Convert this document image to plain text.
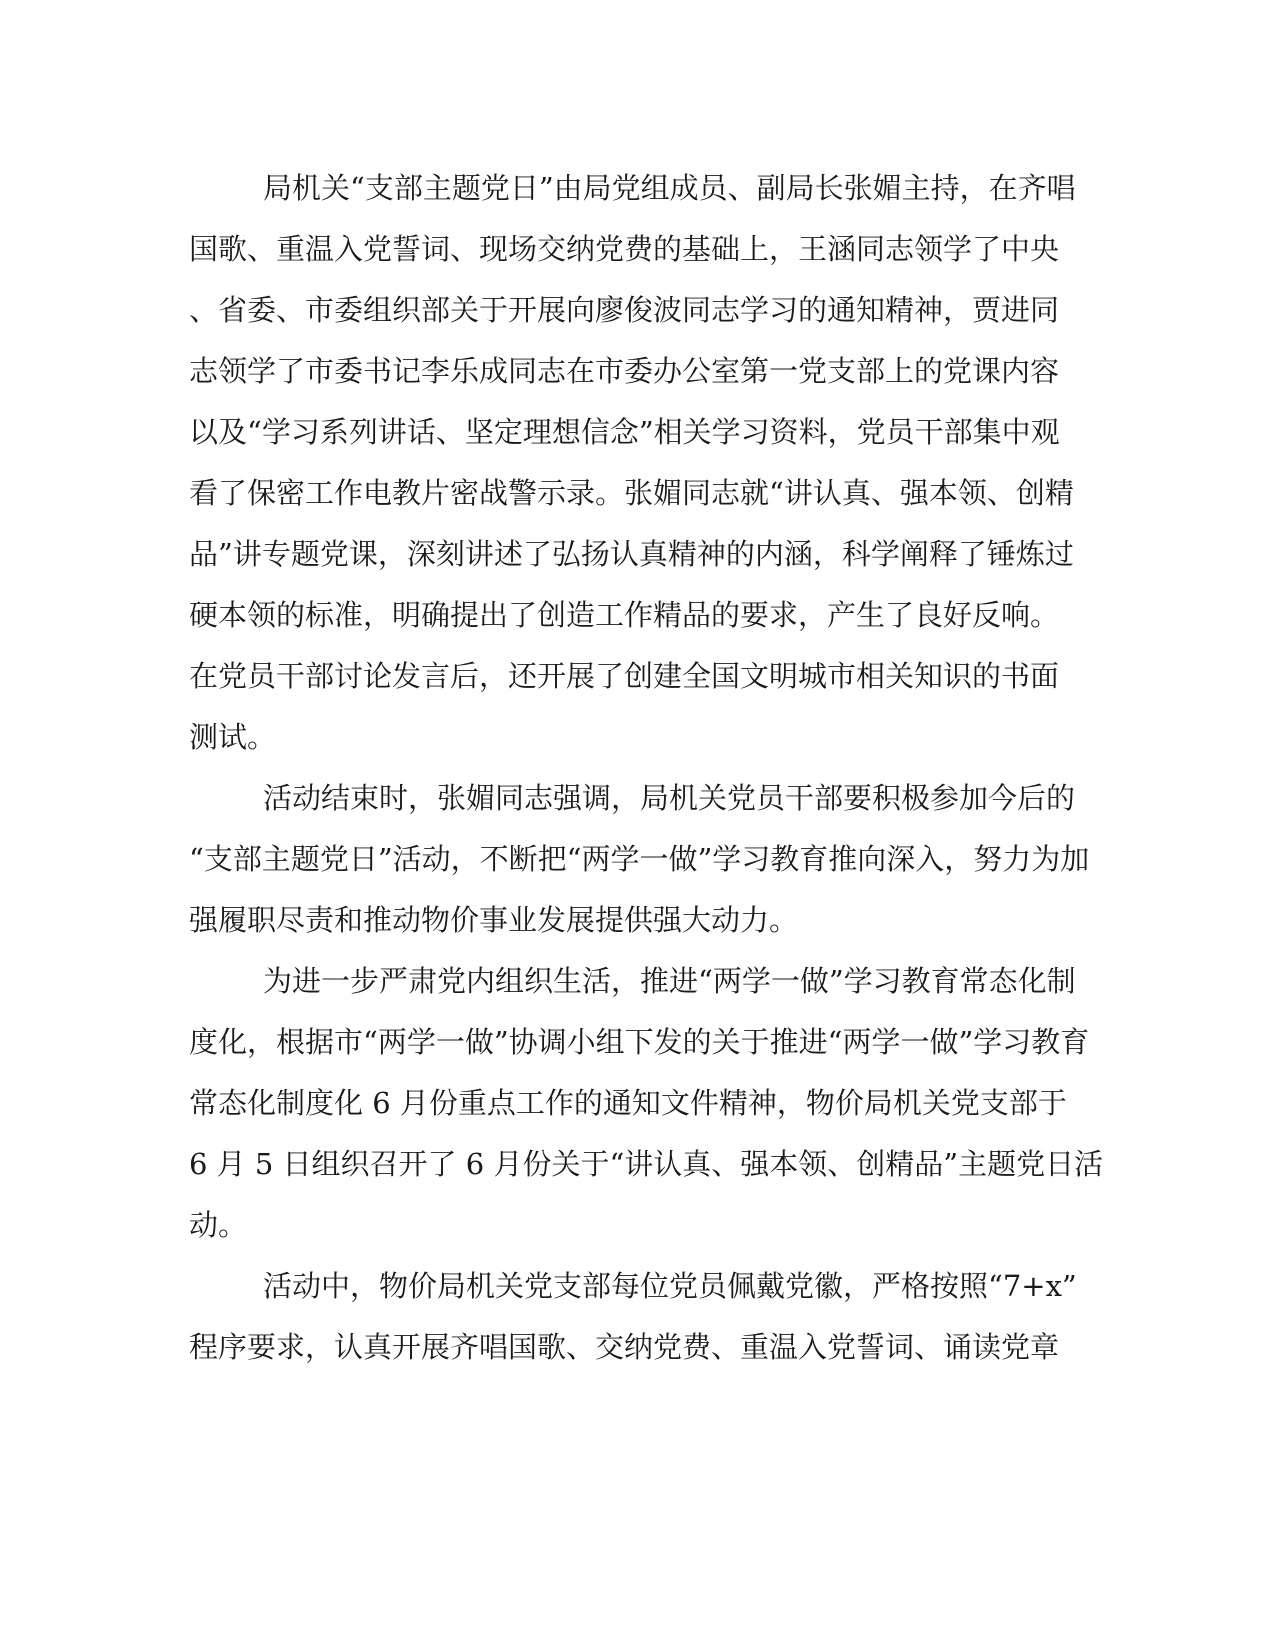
局机关“支部主题党日”由局党组成员、副局长张媚主持，在齐唱
国歌、重温入党誓词、现场交纳党费的基础上，王涵同志领学了中央
、省委、市委组织部关于开展向廖俊波同志学习的通知精神，贾进同
志领学了市委书记李乐成同志在市委办公室第一党支部上的党课内容
以及“学习系列讲话、坚定理想信念”相关学习资料，党员干部集中观
看了保密工作电教片密战警示录。张媚同志就“讲认真、强本领、创精
品”讲专题党课，深刻讲述了弘扬认真精神的内涵，科学阐释了锤炼过
硬本领的标准，明确提出了创造工作精品的要求，产生了良好反响。
在党员干部讨论发言后，还开展了创建全国文明城市相关知识的书面
测试。
活动结束时，张媚同志强调，局机关党员干部要积极参加今后的
“支部主题党日”活动，不断把“两学一做”学习教育推向深入，努力为加
强履职尽责和推动物价事业发展提供强大动力。
为进一步严肃党内组织生活，推进“两学一做”学习教育常态化制
度化，根据市“两学一做”协调小组下发的关于推进“两学一做”学习教育
常态化制度化 6 月份重点工作的通知文件精神，物价局机关党支部于
6 月 5 日组织召开了 6 月份关于“讲认真、强本领、创精品”主题党日活
动。
活动中，物价局机关党支部每位党员佩戴党徽，严格按照“7+x”
程序要求，认真开展齐唱国歌、交纳党费、重温入党誓词、诵读党章
